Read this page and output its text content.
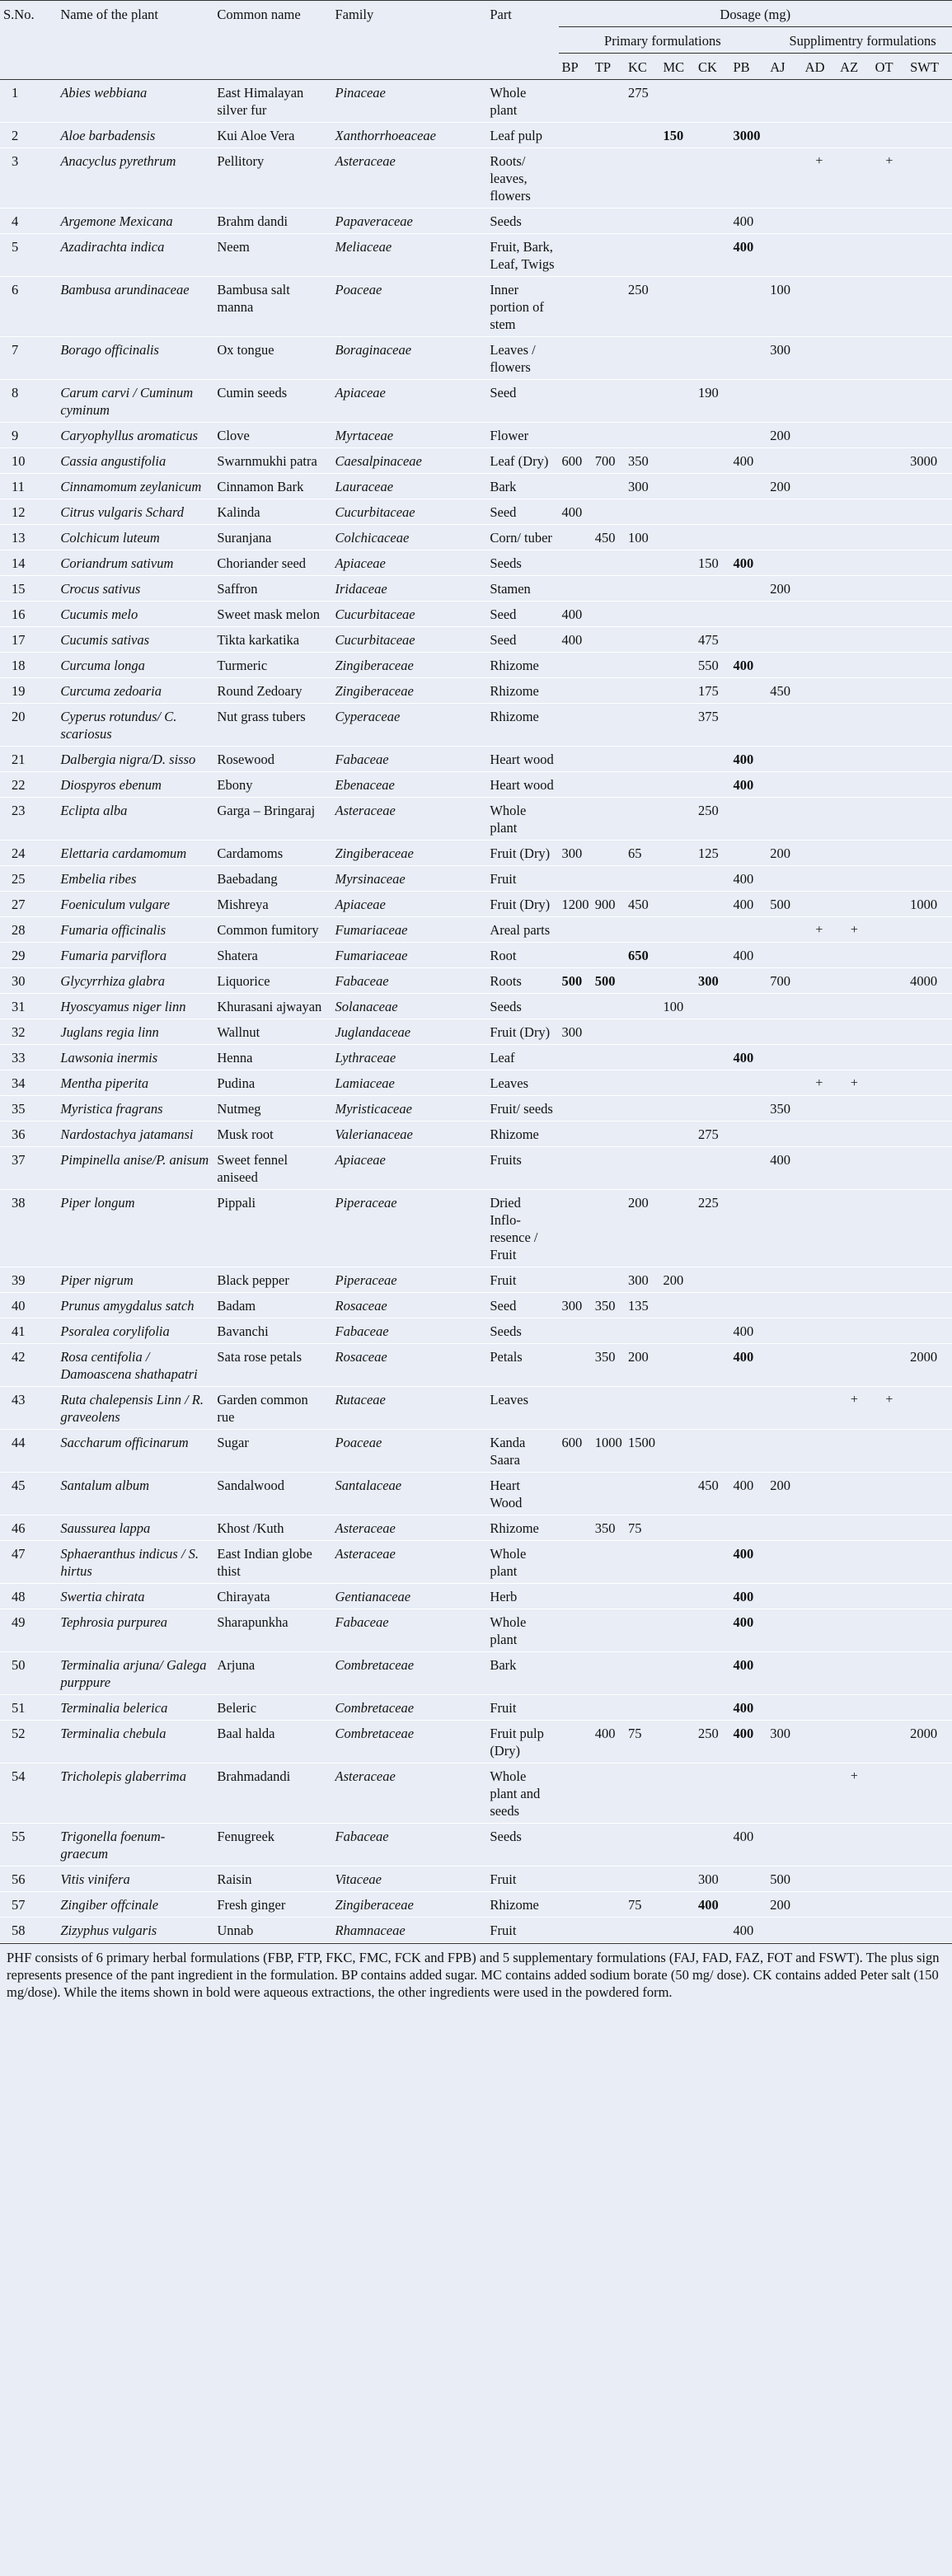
S.No.	Name of the plant	Common name	Family	Part	Dosage (mg)										
					Primary formulations						Supplimentry formulations				
					BP	TP	KC	MC	CK	PB	AJ	AD	AZ	OT	SWT
1	Abies webbiana	East Himalayan silver fur	Pinaceae	Whole plant			275								
2	Aloe barbadensis	Kui Aloe Vera	Xanthorrhoeaceae	Leaf pulp				150		3000					
3	Anacyclus pyrethrum	Pellitory	Asteraceae	Roots/ leaves, flowers								+		+	
4	Argemone Mexicana	Brahm dandi	Papaveraceae	Seeds						400					
5	Azadirachta indica	Neem	Meliaceae	Fruit, Bark, Leaf, Twigs						400					
6	Bambusa arundinaceae	Bambusa salt manna	Poaceae	Inner portion of stem			250				100				
7	Borago officinalis	Ox tongue	Boraginaceae	Leaves / flowers							300				
8	Carum carvi / Cuminum cyminum	Cumin seeds	Apiaceae	Seed					190						
9	Caryophyllus aromaticus	Clove	Myrtaceae	Flower							200				
10	Cassia angustifolia	Swarnmukhi patra	Caesalpinaceae	Leaf (Dry)	600	700	350			400					3000
11	Cinnamomum zeylanicum	Cinnamon Bark	Lauraceae	Bark			300				200				
12	Citrus vulgaris Schard	Kalinda	Cucurbitaceae	Seed	400										
13	Colchicum luteum	Suranjana	Colchicaceae	Corn/ tuber		450	100								
14	Coriandrum sativum	Choriander seed	Apiaceae	Seeds					150	400					
15	Crocus sativus	Saffron	Iridaceae	Stamen							200				
16	Cucumis melo	Sweet mask melon	Cucurbitaceae	Seed	400										
17	Cucumis sativas	Tikta karkatika	Cucurbitaceae	Seed	400				475						
18	Curcuma longa	Turmeric	Zingiberaceae	Rhizome					550	400					
19	Curcuma zedoaria	Round Zedoary	Zingiberaceae	Rhizome					175		450				
20	Cyperus rotundus/ C. scariosus	Nut grass tubers	Cyperaceae	Rhizome					375						
21	Dalbergia nigra/D. sisso	Rosewood	Fabaceae	Heart wood						400					
22	Diospyros ebenum	Ebony	Ebenaceae	Heart wood						400					
23	Eclipta alba	Garga – Bringaraj	Asteraceae	Whole plant					250						
24	Elettaria cardamomum	Cardamoms	Zingiberaceae	Fruit (Dry)	300		65		125		200				
25	Embelia ribes	Baebadang	Myrsinaceae	Fruit						400					
27	Foeniculum vulgare	Mishreya	Apiaceae	Fruit (Dry)	1200	900	450			400	500				1000
28	Fumaria officinalis	Common fumitory	Fumariaceae	Areal parts								+	+		
29	Fumaria parviflora	Shatera	Fumariaceae	Root			650			400					
30	Glycyrrhiza glabra	Liquorice	Fabaceae	Roots	500	500			300		700				4000
31	Hyoscyamus niger linn	Khurasani ajwayan	Solanaceae	Seeds				100							
32	Juglans regia linn	Wallnut	Juglandaceae	Fruit (Dry)	300										
33	Lawsonia inermis	Henna	Lythraceae	Leaf						400					
34	Mentha piperita	Pudina	Lamiaceae	Leaves								+	+		
35	Myristica fragrans	Nutmeg	Myristicaceae	Fruit/ seeds							350				
36	Nardostachya jatamansi	Musk root	Valerianaceae	Rhizome					275						
37	Pimpinella anise/P. anisum	Sweet fennel aniseed	Apiaceae	Fruits							400				
38	Piper longum	Pippali	Piperaceae	Dried Inflo-resence / Fruit			200		225						
39	Piper nigrum	Black pepper	Piperaceae	Fruit			300	200							
40	Prunus amygdalus satch	Badam	Rosaceae	Seed	300	350	135								
41	Psoralea corylifolia	Bavanchi	Fabaceae	Seeds						400					
42	Rosa centifolia / Damoascena shathapatri	Sata rose petals	Rosaceae	Petals		350	200			400					2000
43	Ruta chalepensis Linn / R. graveolens	Garden common rue	Rutaceae	Leaves									+	+	
44	Saccharum officinarum	Sugar	Poaceae	Kanda Saara	600	1000	1500								
45	Santalum album	Sandalwood	Santalaceae	Heart Wood					450	400	200				
46	Saussurea lappa	Khost /Kuth	Asteraceae	Rhizome		350	75								
47	Sphaeranthus indicus / S. hirtus	East Indian globe thist	Asteraceae	Whole plant						400					
48	Swertia chirata	Chirayata	Gentianaceae	Herb						400					
49	Tephrosia purpurea	Sharapunkha	Fabaceae	Whole plant						400					
50	Terminalia arjuna/ Galega purppure	Arjuna	Combretaceae	Bark						400					
51	Terminalia belerica	Beleric	Combretaceae	Fruit						400					
52	Terminalia chebula	Baal halda	Combretaceae	Fruit pulp (Dry)		400	75		250	400	300				2000
54	Tricholepis glaberrima	Brahmadandi	Asteraceae	Whole plant and seeds									+		
55	Trigonella foenum-graecum	Fenugreek	Fabaceae	Seeds						400					
56	Vitis vinifera	Raisin	Vitaceae	Fruit					300		500				
57	Zingiber offcinale	Fresh ginger	Zingiberaceae	Rhizome			75		400		200				
58	Zizyphus vulgaris	Unnab	Rhamnaceae	Fruit						400					
PHF consists of 6 primary herbal formulations (FBP, FTP, FKC, FMC, FCK and FPB) and 5 supplementary formulations (FAJ, FAD, FAZ, FOT and FSWT). The plus sign represents presence of the pant ingredient in the formulation. BP contains added sugar. MC contains added sodium borate (50 mg/ dose). CK contains added Peter salt (150 mg/dose). While the items shown in bold were aqueous extractions, the other ingredients were used in the powdered form.
